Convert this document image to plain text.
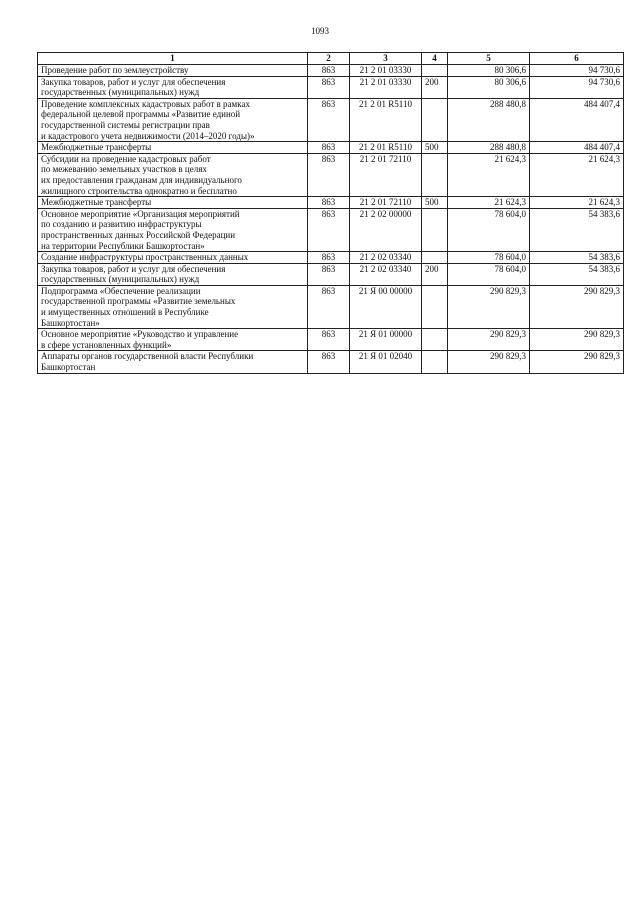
1093
1	2	3	4	5	6

Проведение работ по землеустройству	863	21 2 01 03330		80 306,6	94 730,6

Закупка товаров, работ и услуг для обеспечения
государственных (муниципальных) нужд	863	21 2 01 03330	200	80 306,6	94 730,6

Проведение комплексных кадастровых работ в рамках
федеральной целевой программы «Развитие единой
государственной системы регистрации прав
и кадастрового учета недвижимости (2014–2020 годы)»	863	21 2 01 R5110		288 480,8	484 407,4

Межбюджетные трансферты	863	21 2 01 R5110	500	288 480,8	484 407,4

Субсидии на проведение кадастровых работ
по межеванию земельных участков в целях
их предоставления гражданам для индивидуального
жилищного строительства однократно и бесплатно	863	21 2 01 72110		21 624,3	21 624,3

Межбюджетные трансферты	863	21 2 01 72110	500	21 624,3	21 624,3

Основное мероприятие «Организация мероприятий
по созданию и развитию инфраструктуры
пространственных данных Российской Федерации
на территории Республики Башкортостан»	863	21 2 02 00000		78 604,0	54 383,6

Создание инфраструктуры пространственных данных	863	21 2 02 03340		78 604,0	54 383,6

Закупка товаров, работ и услуг для обеспечения
государственных (муниципальных) нужд	863	21 2 02 03340	200	78 604,0	54 383,6

Подпрограмма «Обеспечение реализации
государственной программы «Развитие земельных
и имущественных отношений в Республике
Башкортостан»	863	21 Я 00 00000		290 829,3	290 829,3

Основное мероприятие «Руководство и управление
в сфере установленных функций»	863	21 Я 01 00000		290 829,3	290 829,3

Аппараты органов государственной власти Республики
Башкортостан	863	21 Я 01 02040		290 829,3	290 829,3
